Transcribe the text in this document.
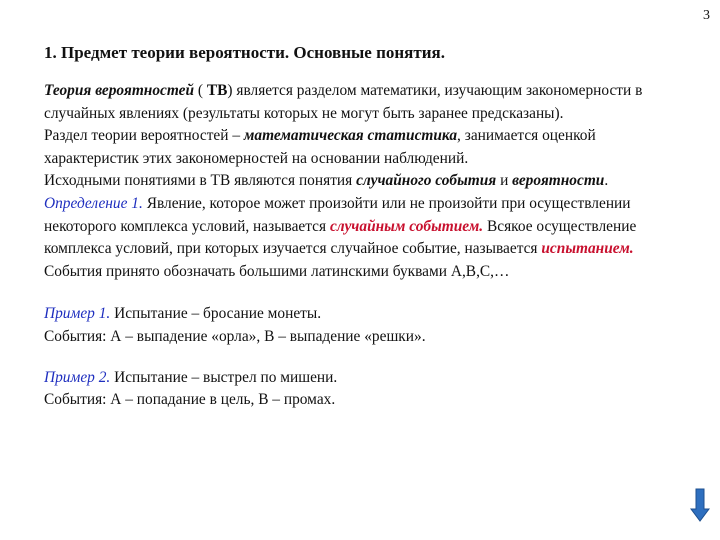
3
1. Предмет теории вероятности. Основные понятия.

Теория вероятностей ( ТВ) является разделом математики, изучающим закономерности в случайных явлениях (результаты которых не могут быть заранее предсказаны).

Раздел теории вероятностей – математическая статистика, занимается оценкой характеристик этих закономерностей на основании наблюдений.

Исходными понятиями в ТВ являются понятия случайного события и вероятности.

Определение 1. Явление, которое может произойти или не произойти при осуществлении некоторого комплекса условий, называется случайным событием. Всякое осуществление комплекса условий, при которых изучается случайное событие, называется испытанием.

События принято обозначать большими латинскими буквами А,В,С,…

Пример 1. Испытание – бросание монеты.

События: А – выпадение «орла», В – выпадение «решки».

Пример 2. Испытание – выстрел по мишени.

События: А – попадание в цель, В – промах.
